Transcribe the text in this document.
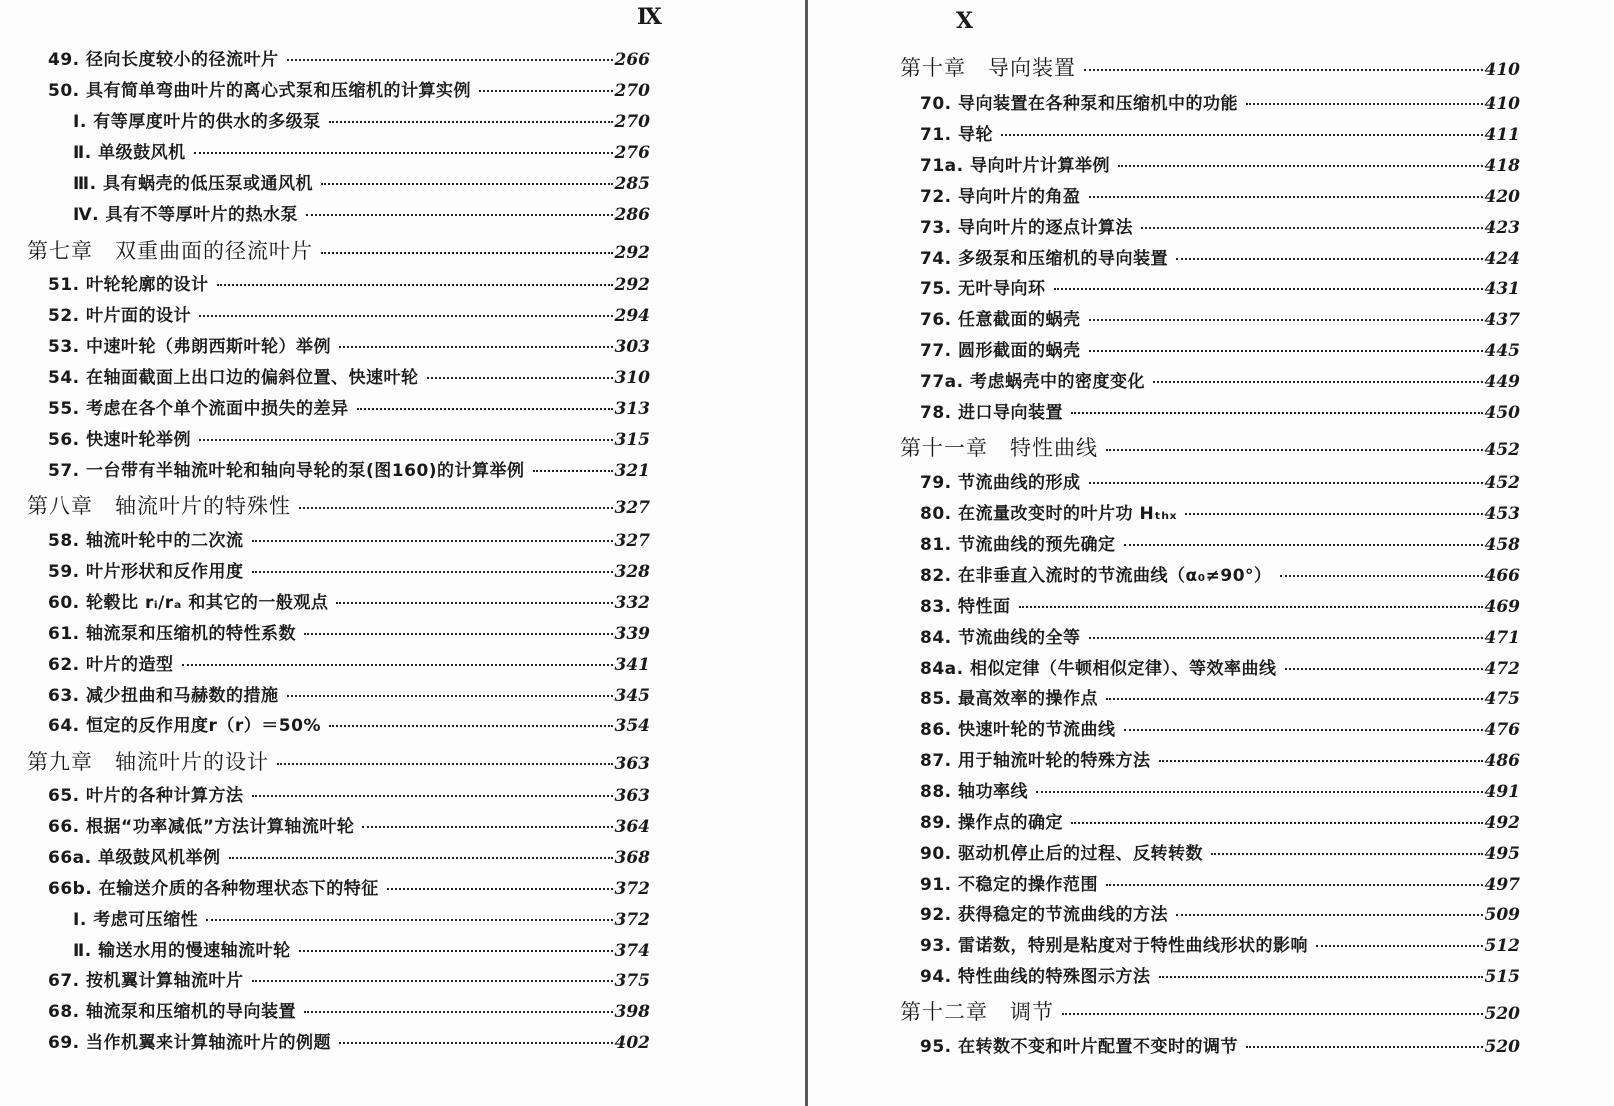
Ⅸ
49. 径向长度较小的径流叶片	266
50. 具有简单弯曲叶片的离心式泵和压缩机的计算实例	270
Ⅰ. 有等厚度叶片的供水的多级泵	270
Ⅱ. 单级鼓风机	276
Ⅲ. 具有蜗壳的低压泵或通风机	285
Ⅳ. 具有不等厚叶片的热水泵	286
第七章　双重曲面的径流叶片	292
51. 叶轮轮廓的设计	292
52. 叶片面的设计	294
53. 中速叶轮（弗朗西斯叶轮）举例	303
54. 在轴面截面上出口边的偏斜位置、快速叶轮	310
55. 考虑在各个单个流面中损失的差异	313
56. 快速叶轮举例	315
57. 一台带有半轴流叶轮和轴向导轮的泵(图160)的计算举例	321
第八章　轴流叶片的特殊性	327
58. 轴流叶轮中的二次流	327
59. 叶片形状和反作用度	328
60. 轮毂比 rᵢ/rₐ 和其它的一般观点	332
61. 轴流泵和压缩机的特性系数	339
62. 叶片的造型	341
63. 减少扭曲和马赫数的措施	345
64. 恒定的反作用度r（r）＝50%	354
第九章　轴流叶片的设计	363
65. 叶片的各种计算方法	363
66. 根据“功率减低”方法计算轴流叶轮	364
66a. 单级鼓风机举例	368
66b. 在输送介质的各种物理状态下的特征	372
Ⅰ. 考虑可压缩性	372
Ⅱ. 输送水用的慢速轴流叶轮	374
67. 按机翼计算轴流叶片	375
68. 轴流泵和压缩机的导向装置	398
69. 当作机翼来计算轴流叶片的例题	402
Ⅹ
第十章　导向装置	410
70. 导向装置在各种泵和压缩机中的功能	410
71. 导轮	411
71a. 导向叶片计算举例	418
72. 导向叶片的角盈	420
73. 导向叶片的逐点计算法	423
74. 多级泵和压缩机的导向装置	424
75. 无叶导向环	431
76. 任意截面的蜗壳	437
77. 圆形截面的蜗壳	445
77a. 考虑蜗壳中的密度变化	449
78. 进口导向装置	450
第十一章　特性曲线	452
79. 节流曲线的形成	452
80. 在流量改变时的叶片功 Hₜₕₓ	453
81. 节流曲线的预先确定	458
82. 在非垂直入流时的节流曲线（α₀≠90°）	466
83. 特性面	469
84. 节流曲线的全等	471
84a. 相似定律（牛顿相似定律）、等效率曲线	472
85. 最高效率的操作点	475
86. 快速叶轮的节流曲线	476
87. 用于轴流叶轮的特殊方法	486
88. 轴功率线	491
89. 操作点的确定	492
90. 驱动机停止后的过程、反转转数	495
91. 不稳定的操作范围	497
92. 获得稳定的节流曲线的方法	509
93. 雷诺数，特别是粘度对于特性曲线形状的影响	512
94. 特性曲线的特殊图示方法	515
第十二章　调节	520
95. 在转数不变和叶片配置不变时的调节	520
